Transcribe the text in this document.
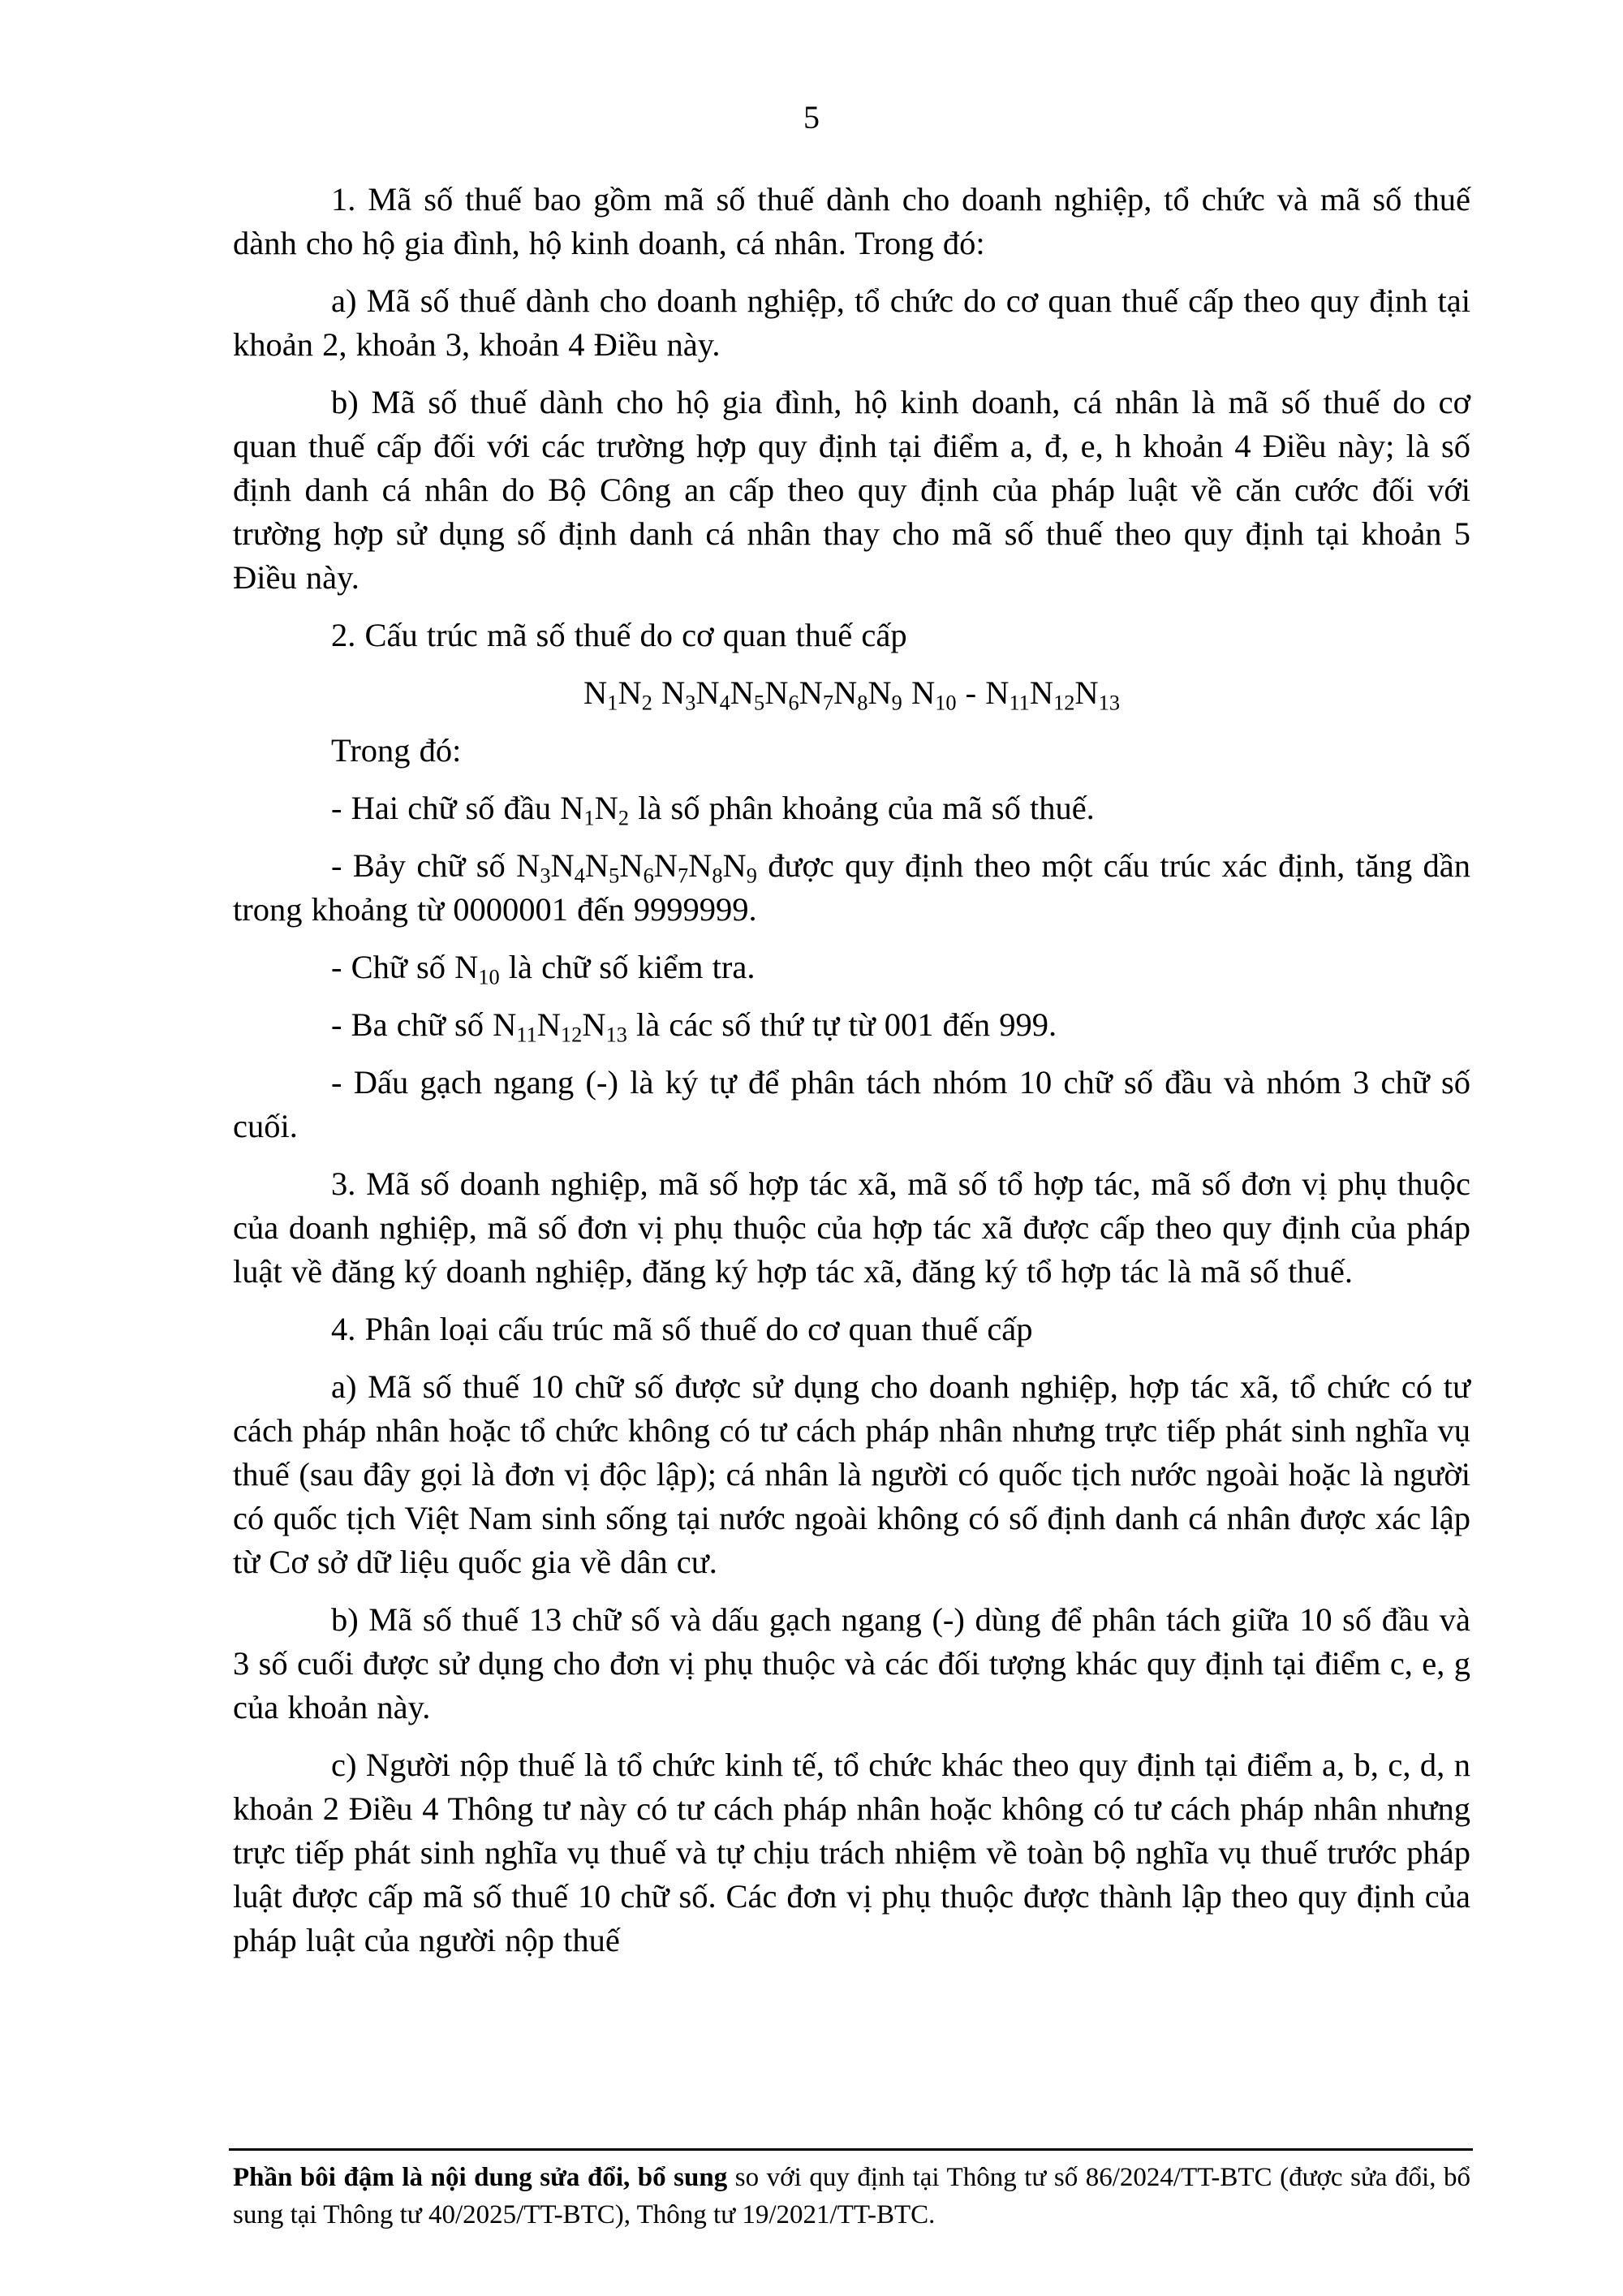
5

1. Mã số thuế bao gồm mã số thuế dành cho doanh nghiệp, tổ chức và mã số thuế dành cho hộ gia đình, hộ kinh doanh, cá nhân. Trong đó:

a) Mã số thuế dành cho doanh nghiệp, tổ chức do cơ quan thuế cấp theo quy định tại khoản 2, khoản 3, khoản 4 Điều này.

b) Mã số thuế dành cho hộ gia đình, hộ kinh doanh, cá nhân là mã số thuế do cơ quan thuế cấp đối với các trường hợp quy định tại điểm a, đ, e, h khoản 4 Điều này; là số định danh cá nhân do Bộ Công an cấp theo quy định của pháp luật về căn cước đối với trường hợp sử dụng số định danh cá nhân thay cho mã số thuế theo quy định tại khoản 5 Điều này.

2. Cấu trúc mã số thuế do cơ quan thuế cấp

$N_1N_2$ $N_3N_4N_5N_6N_7N_8N_9$ $N_{10} - N_{11}N_{12}N_{13}$

Trong đó:

- Hai chữ số đầu $N_1N_2$ là số phân khoảng của mã số thuế.

- Bảy chữ số $N_3N_4N_5N_6N_7N_8N_9$ được quy định theo một cấu trúc xác định, tăng dần trong khoảng từ 0000001 đến 9999999.

- Chữ số $N_{10}$ là chữ số kiểm tra.

- Ba chữ số $N_{11}N_{12}N_{13}$ là các số thứ tự từ 001 đến 999.

- Dấu gạch ngang (-) là ký tự để phân tách nhóm 10 chữ số đầu và nhóm 3 chữ số cuối.

3. Mã số doanh nghiệp, mã số hợp tác xã, mã số tổ hợp tác, mã số đơn vị phụ thuộc của doanh nghiệp, mã số đơn vị phụ thuộc của hợp tác xã được cấp theo quy định của pháp luật về đăng ký doanh nghiệp, đăng ký hợp tác xã, đăng ký tổ hợp tác là mã số thuế.

4. Phân loại cấu trúc mã số thuế do cơ quan thuế cấp

a) Mã số thuế 10 chữ số được sử dụng cho doanh nghiệp, hợp tác xã, tổ chức có tư cách pháp nhân hoặc tổ chức không có tư cách pháp nhân nhưng trực tiếp phát sinh nghĩa vụ thuế (sau đây gọi là đơn vị độc lập); cá nhân là người có quốc tịch nước ngoài hoặc là người có quốc tịch Việt Nam sinh sống tại nước ngoài không có số định danh cá nhân được xác lập từ Cơ sở dữ liệu quốc gia về dân cư.

b) Mã số thuế 13 chữ số và dấu gạch ngang (-) dùng để phân tách giữa 10 số đầu và 3 số cuối được sử dụng cho đơn vị phụ thuộc và các đối tượng khác quy định tại điểm c, e, g của khoản này.

c) Người nộp thuế là tổ chức kinh tế, tổ chức khác theo quy định tại điểm a, b, c, d, n khoản 2 Điều 4 Thông tư này có tư cách pháp nhân hoặc không có tư cách pháp nhân nhưng trực tiếp phát sinh nghĩa vụ thuế và tự chịu trách nhiệm về toàn bộ nghĩa vụ thuế trước pháp luật được cấp mã số thuế 10 chữ số. Các đơn vị phụ thuộc được thành lập theo quy định của pháp luật của người nộp thuế

Phần bôi đậm là nội dung sửa đổi, bổ sung so với quy định tại Thông tư số 86/2024/TT-BTC (được sửa đổi, bổ sung tại Thông tư 40/2025/TT-BTC), Thông tư 19/2021/TT-BTC.
